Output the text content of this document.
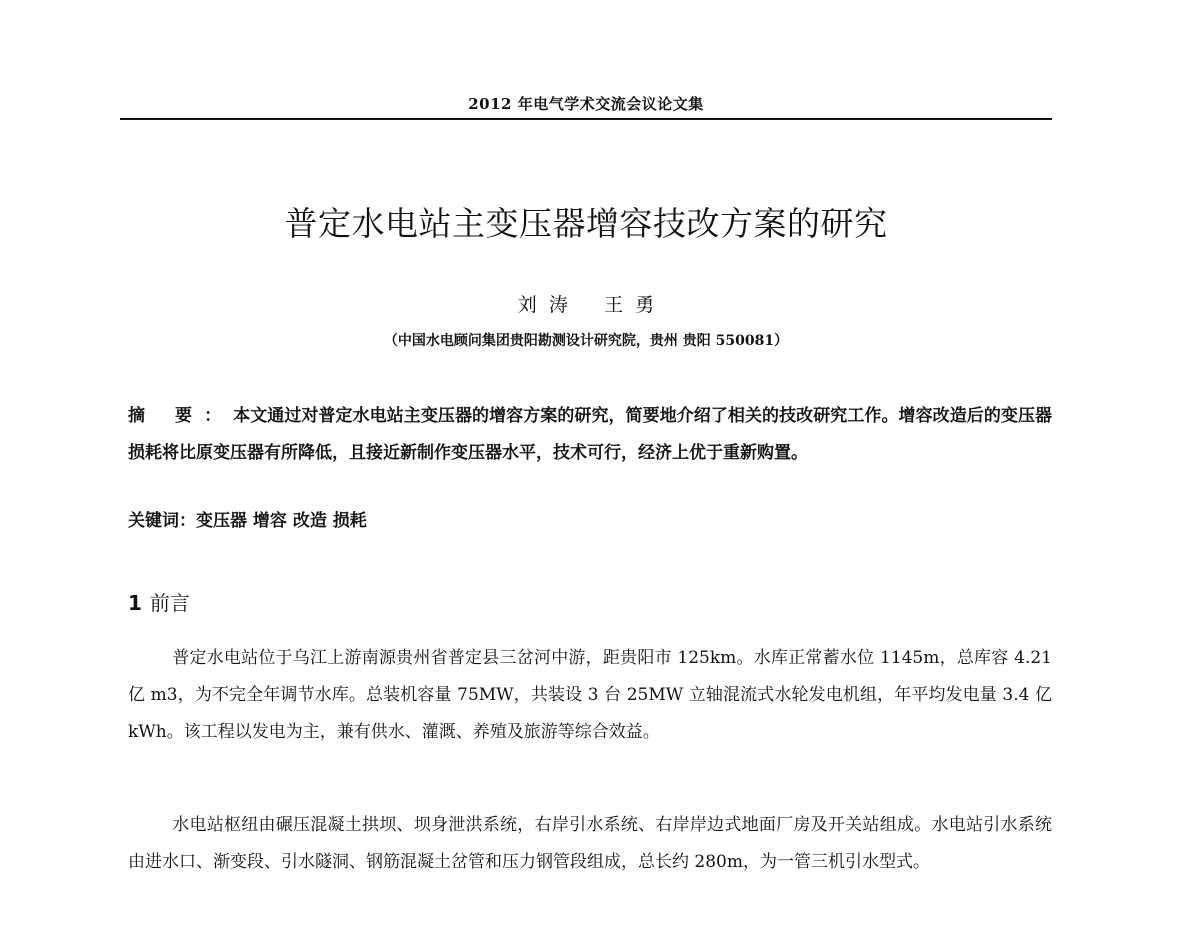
2012 年电气学术交流会议论文集
普定水电站主变压器增容技改方案的研究
刘  涛      王  勇
（中国水电顾问集团贵阳勘测设计研究院，贵州 贵阳 550081）
摘 要：本文通过对普定水电站主变压器的增容方案的研究，简要地介绍了相关的技改研究工作。增容改造后的变压器损耗将比原变压器有所降低，且接近新制作变压器水平，技术可行，经济上优于重新购置。
关键词：变压器 增容 改造 损耗
1 前言

普定水电站位于乌江上游南源贵州省普定县三岔河中游，距贵阳市 125km。水库正常蓄水位 1145m，总库容 4.21 亿 m3，为不完全年调节水库。总装机容量 75MW，共装设 3 台 25MW 立轴混流式水轮发电机组，年平均发电量 3.4 亿 kWh。该工程以发电为主，兼有供水、灌溉、养殖及旅游等综合效益。

水电站枢纽由碾压混凝土拱坝、坝身泄洪系统，右岸引水系统、右岸岸边式地面厂房及开关站组成。水电站引水系统由进水口、渐变段、引水隧洞、钢筋混凝土岔管和压力钢管段组成，总长约 280m，为一管三机引水型式。
